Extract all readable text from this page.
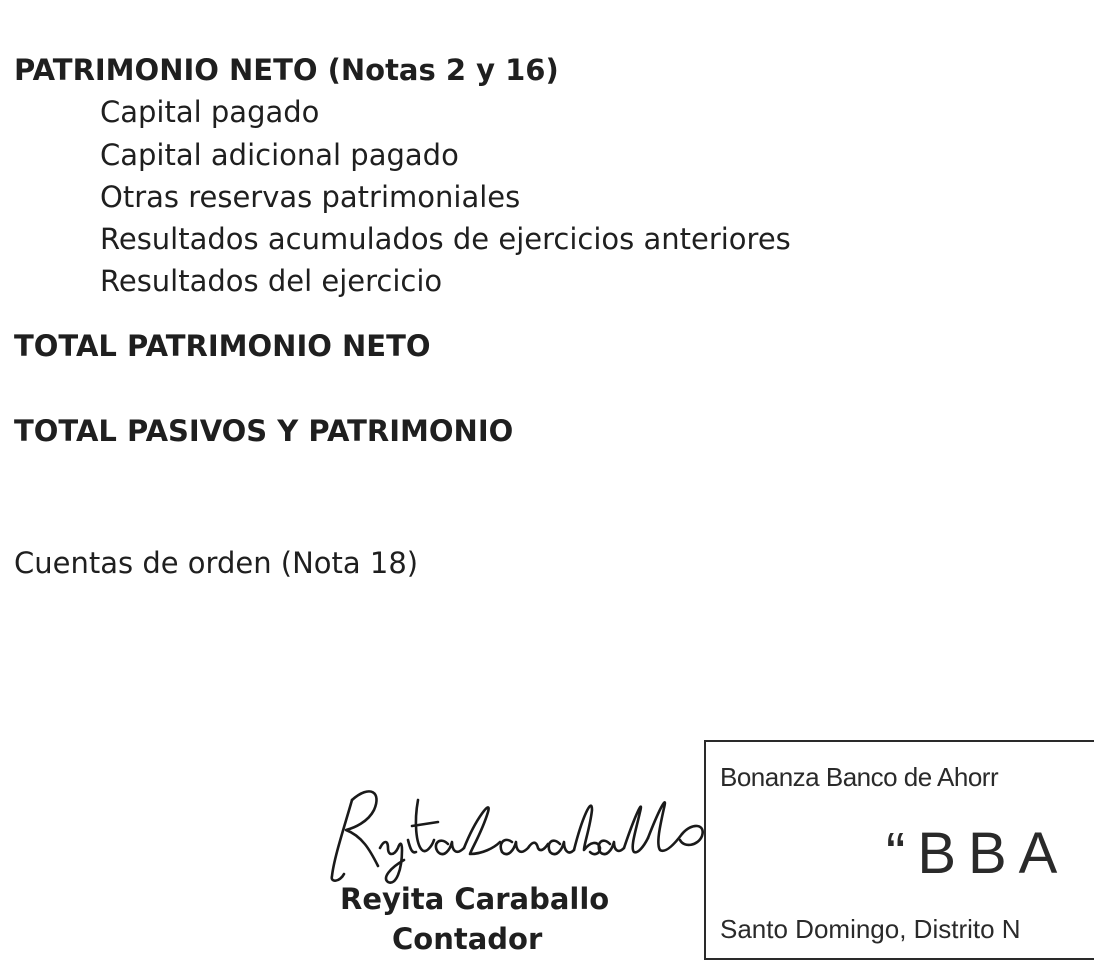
PATRIMONIO NETO (Notas 2 y 16)
Capital pagado
Capital adicional pagado
Otras reservas patrimoniales
Resultados acumulados de ejercicios anteriores
Resultados del ejercicio
TOTAL PATRIMONIO NETO
TOTAL PASIVOS Y PATRIMONIO
Cuentas de orden (Nota 18)
Bonanza Banco de Ahorr
“BBA
Santo Domingo, Distrito N
Reyita Caraballo
Contador
